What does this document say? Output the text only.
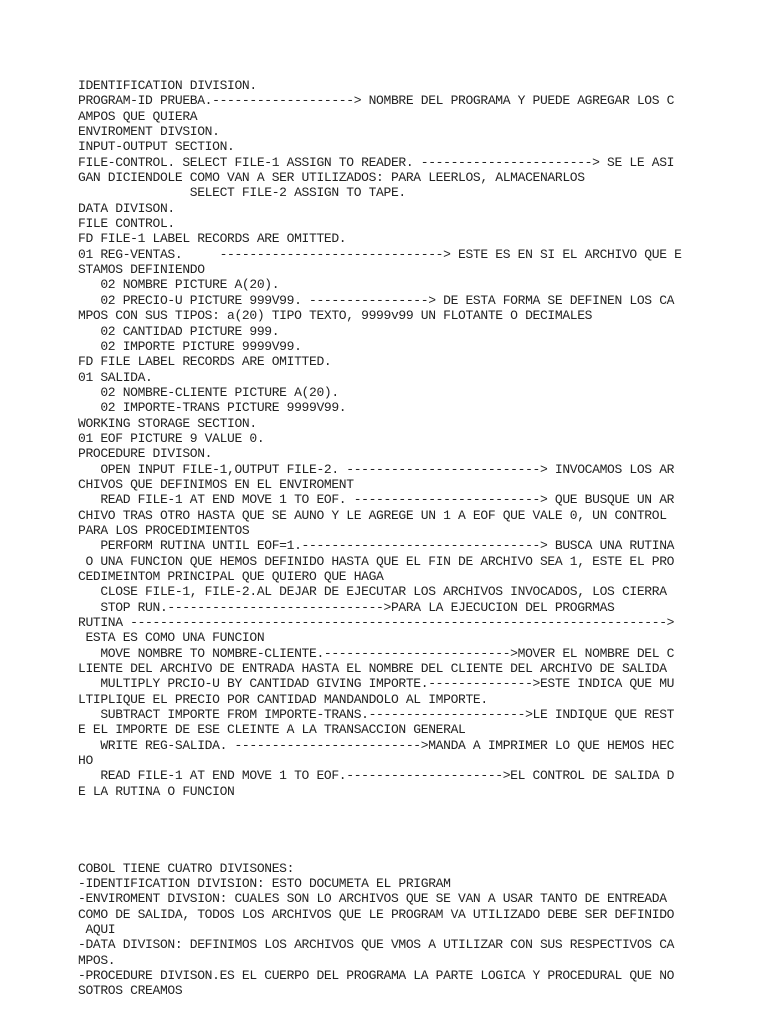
IDENTIFICATION DIVISION.
PROGRAM-ID PRUEBA.-------------------> NOMBRE DEL PROGRAMA Y PUEDE AGREGAR LOS C
AMPOS QUE QUIERA
ENVIROMENT DIVSION.
INPUT-OUTPUT SECTION.
FILE-CONTROL. SELECT FILE-1 ASSIGN TO READER. -----------------------> SE LE ASI
GAN DICIENDOLE COMO VAN A SER UTILIZADOS: PARA LEERLOS, ALMACENARLOS
SELECT FILE-2 ASSIGN TO TAPE.
DATA DIVISON.
FILE CONTROL.
FD FILE-1 LABEL RECORDS ARE OMITTED.
01 REG-VENTAS.     ------------------------------> ESTE ES EN SI EL ARCHIVO QUE E
STAMOS DEFINIENDO
02 NOMBRE PICTURE A(20).
02 PRECIO-U PICTURE 999V99. ----------------> DE ESTA FORMA SE DEFINEN LOS CA
MPOS CON SUS TIPOS: a(20) TIPO TEXTO, 9999v99 UN FLOTANTE O DECIMALES
02 CANTIDAD PICTURE 999.
02 IMPORTE PICTURE 9999V99.
FD FILE LABEL RECORDS ARE OMITTED.
01 SALIDA.
02 NOMBRE-CLIENTE PICTURE A(20).
02 IMPORTE-TRANS PICTURE 9999V99.
WORKING STORAGE SECTION.
01 EOF PICTURE 9 VALUE 0.
PROCEDURE DIVISON.
OPEN INPUT FILE-1,OUTPUT FILE-2. --------------------------> INVOCAMOS LOS AR
CHIVOS QUE DEFINIMOS EN EL ENVIROMENT
READ FILE-1 AT END MOVE 1 TO EOF. -------------------------> QUE BUSQUE UN AR
CHIVO TRAS OTRO HASTA QUE SE AUNO Y LE AGREGE UN 1 A EOF QUE VALE 0, UN CONTROL
PARA LOS PROCEDIMIENTOS
PERFORM RUTINA UNTIL EOF=1.--------------------------------> BUSCA UNA RUTINA
O UNA FUNCION QUE HEMOS DEFINIDO HASTA QUE EL FIN DE ARCHIVO SEA 1, ESTE EL PRO
CEDIMEINTOM PRINCIPAL QUE QUIERO QUE HAGA
CLOSE FILE-1, FILE-2.AL DEJAR DE EJECUTAR LOS ARCHIVOS INVOCADOS, LOS CIERRA
STOP RUN.----------------------------->PARA LA EJECUCION DEL PROGRMAS
RUTINA ------------------------------------------------------------------------>
ESTA ES COMO UNA FUNCION
MOVE NOMBRE TO NOMBRE-CLIENTE.------------------------->MOVER EL NOMBRE DEL C
LIENTE DEL ARCHIVO DE ENTRADA HASTA EL NOMBRE DEL CLIENTE DEL ARCHIVO DE SALIDA
MULTIPLY PRCIO-U BY CANTIDAD GIVING IMPORTE.-------------->ESTE INDICA QUE MU
LTIPLIQUE EL PRECIO POR CANTIDAD MANDANDOLO AL IMPORTE.
SUBTRACT IMPORTE FROM IMPORTE-TRANS.--------------------->LE INDIQUE QUE REST
E EL IMPORTE DE ESE CLEINTE A LA TRANSACCION GENERAL
WRITE REG-SALIDA. ------------------------->MANDA A IMPRIMER LO QUE HEMOS HEC
HO
READ FILE-1 AT END MOVE 1 TO EOF.--------------------->EL CONTROL DE SALIDA D
E LA RUTINA O FUNCION
COBOL TIENE CUATRO DIVISONES:
-IDENTIFICATION DIVISION: ESTO DOCUMETA EL PRIGRAM
-ENVIROMENT DIVSION: CUALES SON LO ARCHIVOS QUE SE VAN A USAR TANTO DE ENTREADA
COMO DE SALIDA, TODOS LOS ARCHIVOS QUE LE PROGRAM VA UTILIZADO DEBE SER DEFINIDO
AQUI
-DATA DIVISON: DEFINIMOS LOS ARCHIVOS QUE VMOS A UTILIZAR CON SUS RESPECTIVOS CA
MPOS.
-PROCEDURE DIVISON.ES EL CUERPO DEL PROGRAMA LA PARTE LOGICA Y PROCEDURAL QUE NO
SOTROS CREAMOS
